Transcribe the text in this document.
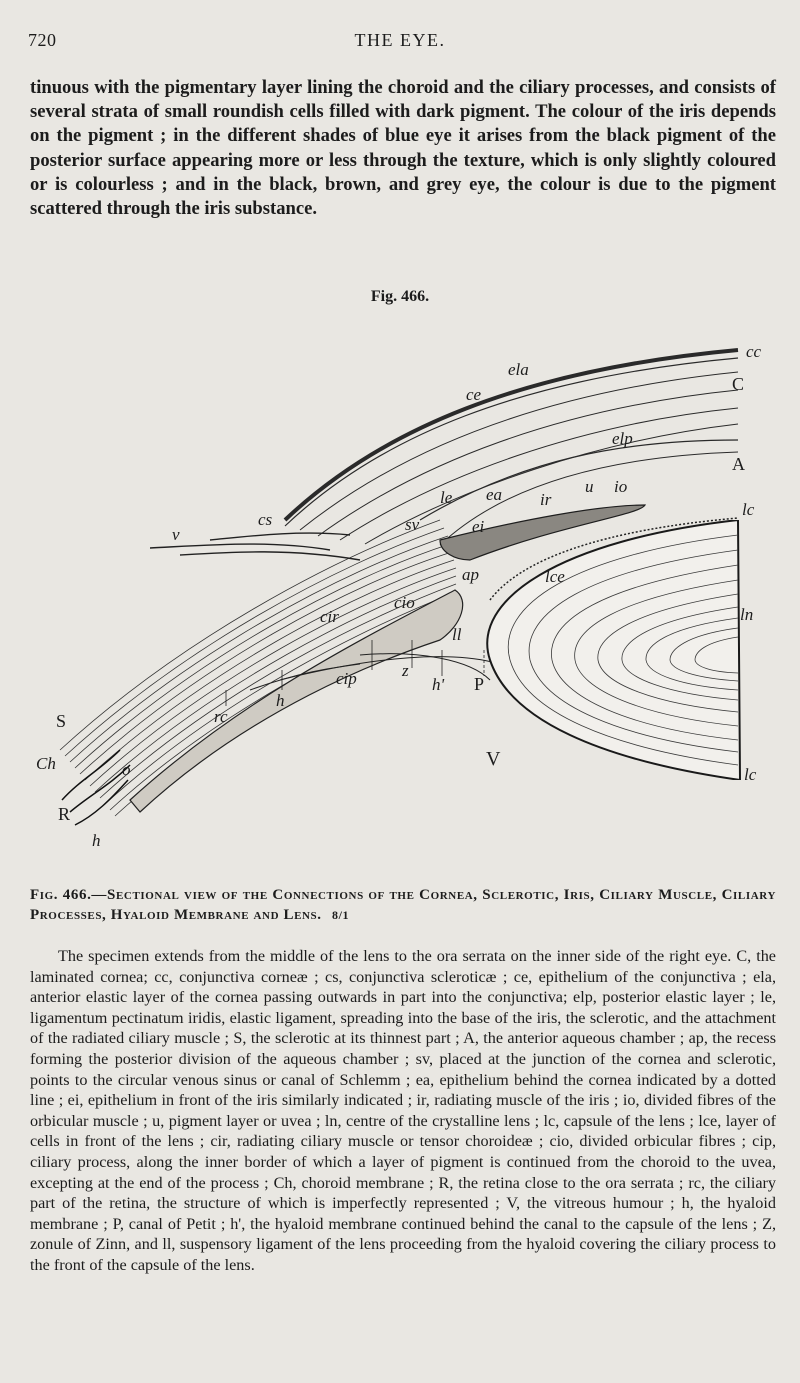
720	THE EYE.

tinuous with the pigmentary layer lining the choroid and the ciliary processes, and consists of several strata of small roundish cells filled with dark pigment. The colour of the iris depends on the pigment ; in the different shades of blue eye it arises from the black pigment of the posterior surface appearing more or less through the texture, which is only slightly coloured or is colourless ; and in the black, brown, and grey eye, the colour is due to the pigment scattered through the iris substance.

Fig. 466.
cc
C
ela
ce
elp
A
u io
lc
ir
ea
le
sv
cs	ei
v
ap	lce
ln
cio
cir
ll
cip	z
h' P
h
rc
S
Ch	o
R
h
V
lc
Fig. 466.—Sectional view of the Connections of the Cornea, Sclerotic, Iris, Ciliary Muscle, Ciliary Processes, Hyaloid Membrane and Lens. 8/1

The specimen extends from the middle of the lens to the ora serrata on the inner side of the right eye. C, the laminated cornea; cc, conjunctiva corneæ ; cs, conjunctiva scleroticæ ; ce, epithelium of the conjunctiva ; ela, anterior elastic layer of the cornea passing outwards in part into the conjunctiva; elp, posterior elastic layer ; le, ligamentum pectinatum iridis, elastic ligament, spreading into the base of the iris, the sclerotic, and the attachment of the radiated ciliary muscle ; S, the sclerotic at its thinnest part ; A, the anterior aqueous chamber ; ap, the recess forming the posterior division of the aqueous chamber ; sv, placed at the junction of the cornea and sclerotic, points to the circular venous sinus or canal of Schlemm ; ea, epithelium behind the cornea indicated by a dotted line ; ei, epithelium in front of the iris similarly indicated ; ir, radiating muscle of the iris ; io, divided fibres of the orbicular muscle ; u, pigment layer or uvea ; ln, centre of the crystalline lens ; lc, capsule of the lens ; lce, layer of cells in front of the lens ; cir, radiating ciliary muscle or tensor choroideæ ; cio, divided orbicular fibres ; cip, ciliary process, along the inner border of which a layer of pigment is continued from the choroid to the uvea, excepting at the end of the process ; Ch, choroid membrane ; R, the retina close to the ora serrata ; rc, the ciliary part of the retina, the structure of which is imperfectly represented ; V, the vitreous humour ; h, the hyaloid membrane ; P, canal of Petit ; h', the hyaloid membrane continued behind the canal to the capsule of the lens ; Z, zonule of Zinn, and ll, suspensory ligament of the lens proceeding from the hyaloid covering the ciliary process to the front of the capsule of the lens.
